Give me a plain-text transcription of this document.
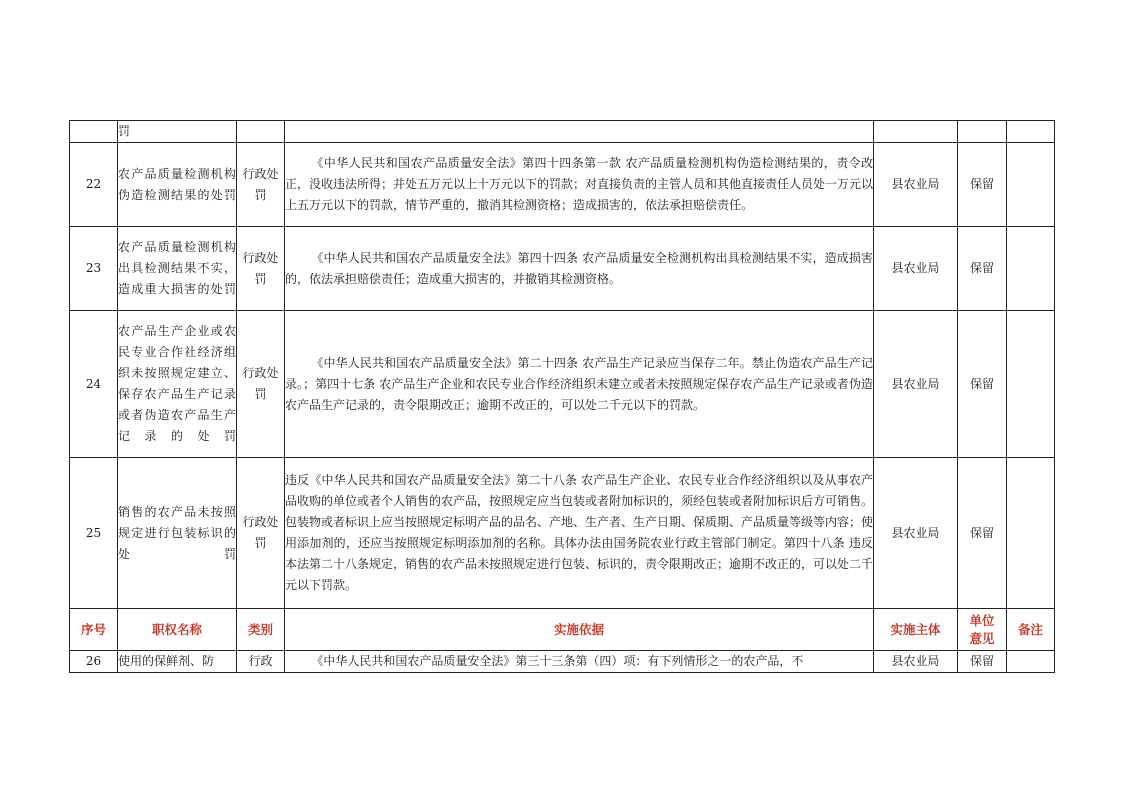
	罚					
22	农产品质量检测机构伪造检测结果的处罚	行政处罚	《中华人民共和国农产品质量安全法》第四十四条第一款 农产品质量检测机构伪造检测结果的，责令改正，没收违法所得；并处五万元以上十万元以下的罚款；对直接负责的主管人员和其他直接责任人员处一万元以上五万元以下的罚款，情节严重的，撤消其检测资格；造成损害的，依法承担赔偿责任。	县农业局	保留	
23	农产品质量检测机构出具检测结果不实，造成重大损害的处罚	行政处罚	《中华人民共和国农产品质量安全法》第四十四条 农产品质量安全检测机构出具检测结果不实，造成损害的，依法承担赔偿责任；造成重大损害的，并撤销其检测资格。	县农业局	保留	
24	农产品生产企业或农民专业合作社经济组织未按照规定建立、保存农产品生产记录或者伪造农产品生产记录的处罚	行政处罚	《中华人民共和国农产品质量安全法》第二十四条 农产品生产记录应当保存二年。禁止伪造农产品生产记录。；第四十七条 农产品生产企业和农民专业合作经济组织未建立或者未按照规定保存农产品生产记录或者伪造农产品生产记录的，责令限期改正；逾期不改正的，可以处二千元以下的罚款。	县农业局	保留	
25	销售的农产品未按照规定进行包装标识的处罚	行政处罚	违反《中华人民共和国农产品质量安全法》第二十八条 农产品生产企业、农民专业合作经济组织以及从事农产品收购的单位或者个人销售的农产品，按照规定应当包装或者附加标识的，须经包装或者附加标识后方可销售。包装物或者标识上应当按照规定标明产品的品名、产地、生产者、生产日期、保质期、产品质量等级等内容；使用添加剂的，还应当按照规定标明添加剂的名称。具体办法由国务院农业行政主管部门制定。第四十八条 违反本法第二十八条规定，销售的农产品未按照规定进行包装、标识的，责令限期改正；逾期不改正的，可以处二千元以下罚款。	县农业局	保留	
序号	职权名称	类别	实施依据	实施主体	单位意见	备注
26	使用的保鲜剂、防	行政	《中华人民共和国农产品质量安全法》第三十三条第（四）项：有下列情形之一的农产品，不	县农业局	保留	
